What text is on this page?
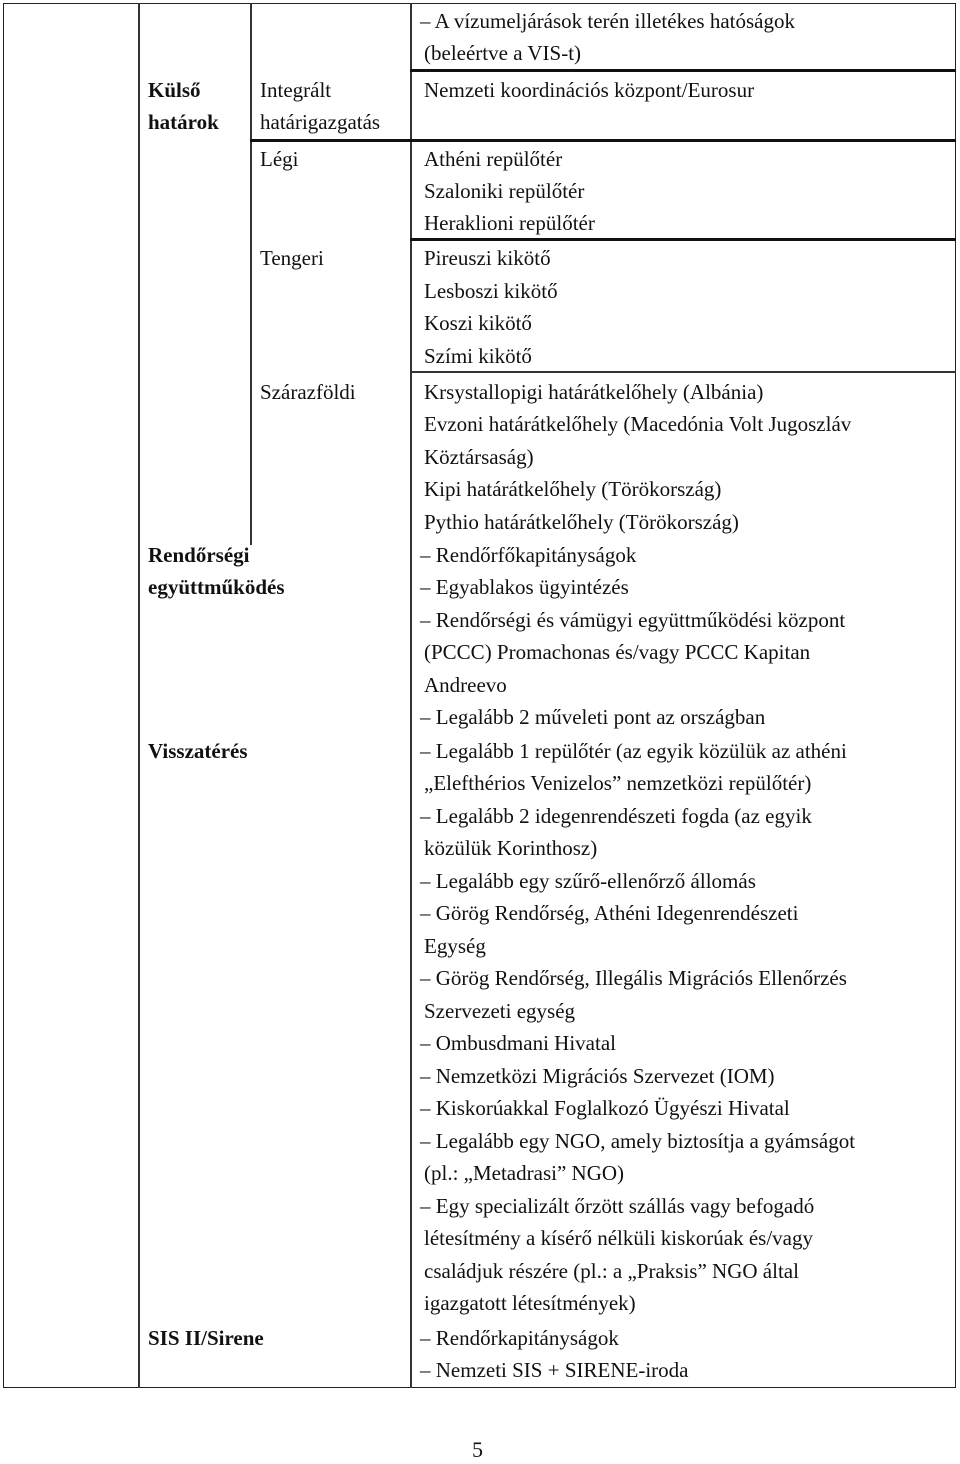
Külső
határok
Integrált
határigazgatás
Légi
Tengeri
Szárazföldi
– A vízumeljárások terén illetékes hatóságok
(beleértve a VIS-t)
Nemzeti koordinációs központ/Eurosur
Athéni repülőtér
Szaloniki repülőtér
Heraklioni repülőtér
Pireuszi kikötő
Lesboszi kikötő
Koszi kikötő
Szími kikötő
Krsystallopigi határátkelőhely (Albánia)
Evzoni határátkelőhely (Macedónia Volt Jugoszláv
Köztársaság)
Kipi határátkelőhely (Törökország)
Pythio határátkelőhely (Törökország)
Rendőrségi
együttműködés
– Rendőrfőkapitányságok
– Egyablakos ügyintézés
– Rendőrségi és vámügyi együttműködési központ
(PCCC) Promachonas és/vagy PCCC Kapitan
Andreevo
– Legalább 2 műveleti pont az országban
Visszatérés	– Legalább 1 repülőtér (az egyik közülük az athéni
„Elefthérios Venizelos” nemzetközi repülőtér)
– Legalább 2 idegenrendészeti fogda (az egyik
közülük Korinthosz)
– Legalább egy szűrő-ellenőrző állomás
– Görög Rendőrség, Athéni Idegenrendészeti
Egység
– Görög Rendőrség, Illegális Migrációs Ellenőrzés
Szervezeti egység
– Ombusdmani Hivatal
– Nemzetközi Migrációs Szervezet (IOM)
– Kiskorúakkal Foglalkozó Ügyészi Hivatal
– Legalább egy NGO, amely biztosítja a gyámságot
(pl.: „Metadrasi” NGO)
– Egy specializált őrzött szállás vagy befogadó
létesítmény a kísérő nélküli kiskorúak és/vagy
családjuk részére (pl.: a „Praksis” NGO által
igazgatott létesítmények)
SIS II/Sirene	– Rendőrkapitányságok
– Nemzeti SIS + SIRENE-iroda
5
